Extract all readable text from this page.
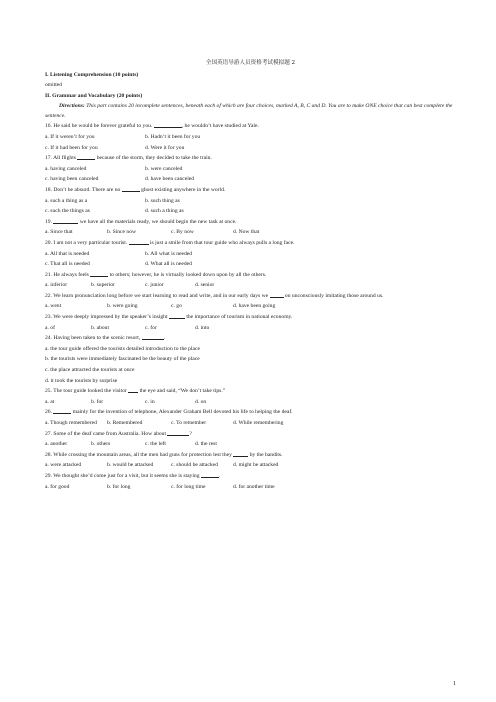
全国英语导游人员资格考试模拟题 2
I. Listening Comprehension (10 points)
omitted
II. Grammar and Vocabulary (20 points)
Directions: This part contains 20 incomplete sentences, beneath each of which are four choices, marked A, B, C and D. You are to make ONE choice that can best complete the sentence.
16. He said he would be forever grateful to you.	, he wouldn’t have studied at Yale.
a. If it weren’t for you	b. Hadn’t it been for you
c. If it had been for you	d. Were it for you
17. All flights	because of the storm, they decided to take the train.
a. having canceled	b. were canceled
c. having been canceled	d. have been canceled
18. Don’t be absurd. There are no	ghost existing anywhere in the world.
a. such a thing as a	b. such thing as
c. such the things as	d. such a thing as
19.	we have all the materials ready, we should begin the new task at once.
a. Since that	b. Since now	c. By now	d. Now that
20. I am not a very particular tourist.	is just a smile from that tour guide who always pulls a long face.
a. All that is needed	b. All what is needed
c. That all is needed	d. What all is needed
21. He always feels	to others; however, he is virtually looked down upon by all the others.
a. inferior	b. superior	c. junior	d. senior
22. We learn pronunciation long before we start learning to read and write, and in our early days we	on unconsciously imitating those around us.
a. went	b. were going	c. go	d. have been going
23. We were deeply impressed by the speaker’s insight	the importance of tourism in national economy.
a. of	b. about	c. for	d. into
24. Having been taken to the scenic resort,	.
a. the tour guide offered the tourists detailed introduction to the place
b. the tourists were immediately fascinated be the beauty of the place
c. the place attracted the tourists at once
d. it took the tourists by surprise
25. The tour guide looked the visitor  the eye and said, “We don’t take tips.”
a. at	b. for	c. in	d. on
26.	mainly for the invention of telephone, Alexander Graham Bell devoted his life to helping the deaf.
a. Though remembered b. Remembered	c. To remember	d. While remembering
27. Some of the deaf came from Australia. How about	?
a. another	b. others	c. the left	d. the rest
28. While crossing the mountain areas, all the men had guns for protection lest they	by the bandits.
a. were attacked	b. would be attacked	c. should be attacked	d. might be attacked
29. We thought she’d come just for a visit, but it seems she is staying	.
a. for good	b. for long	c. for long time	d. for another time
1
